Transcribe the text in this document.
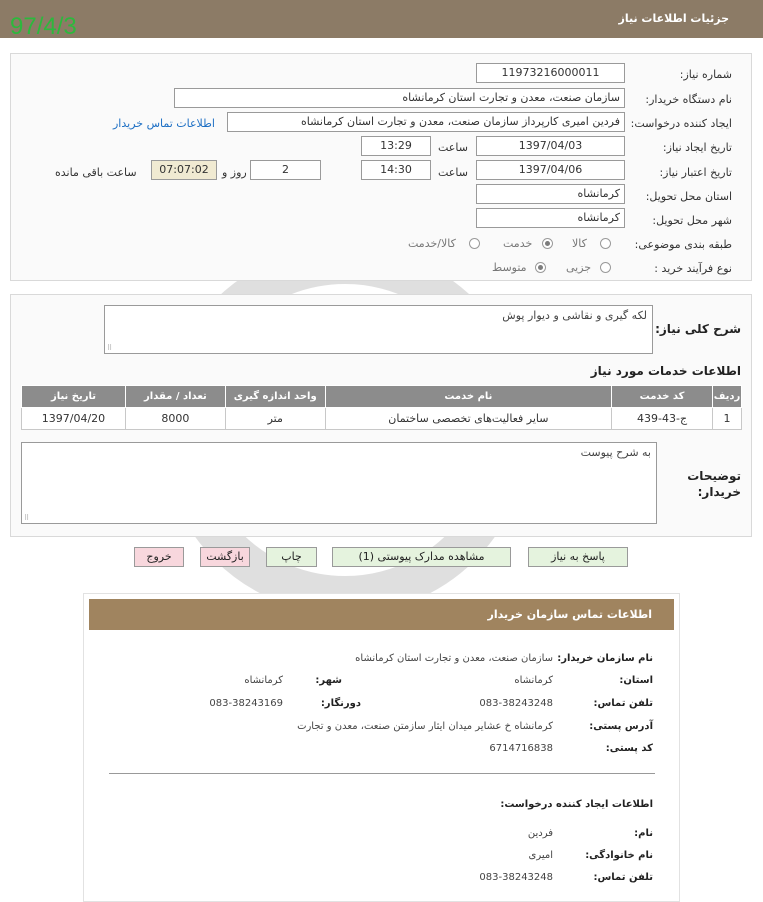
جزئیات اطلاعات نیاز
97/4/3
شماره نیاز:
11973216000011
نام دستگاه خریدار:
سازمان صنعت، معدن و تجارت استان کرمانشاه
ایجاد کننده درخواست:
فردین امیری کارپرداز سازمان صنعت، معدن و تجارت استان کرمانشاه
اطلاعات تماس خریدار
تاریخ ایجاد نیاز:
1397/04/03
ساعت
13:29
تاریخ اعتبار نیاز:
1397/04/06
ساعت
14:30
2
روز و
07:07:02
ساعت باقی مانده
استان محل تحویل:
کرمانشاه
شهر محل تحویل:
کرمانشاه
طبقه بندی موضوعی:
کالا
خدمت
کالا/خدمت
نوع فرآیند خرید :
جزیی
متوسط
شرح کلی نیاز:
لکه گیری و نقاشی و دیوار پوش
⠿
اطلاعات خدمات مورد نیاز
ردیف	کد خدمت	نام خدمت	واحد اندازه گیری	تعداد / مقدار	تاریخ نیاز
1	ج-43-439	سایر فعالیت‌های تخصصی ساختمان	متر	8000	1397/04/20
توضیحات خریدار:
به شرح پیوست
⠿
پاسخ به نیاز
مشاهده مدارک پیوستی (1)
چاپ
بازگشت
خروج
اطلاعات تماس سازمان خریدار
نام سازمان خریدار:
سازمان صنعت، معدن و تجارت استان کرمانشاه
استان:
کرمانشاه
شهر:
کرمانشاه
تلفن تماس:
083-38243248
دورنگار:
083-38243169
آدرس پستی:
کرمانشاه خ عشایر میدان ایثار سازمتن صنعت، معدن و تجارت
کد پستی:
6714716838
اطلاعات ایجاد کننده درخواست:
نام:
فردین
نام خانوادگی:
امیری
تلفن تماس:
083-38243248
